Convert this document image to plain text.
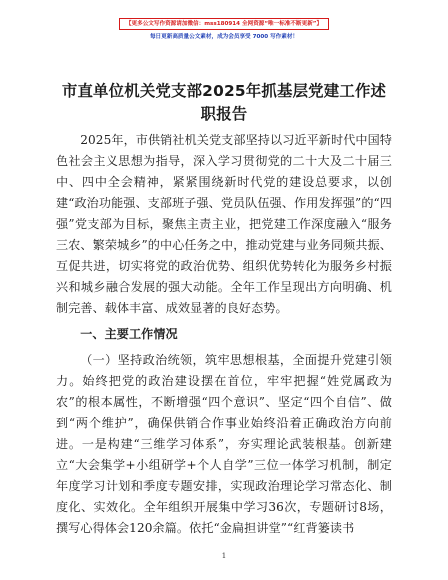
【更多公文写作资源请加微信：mss180914 全网资源“唯一标准不断更新”】
每日更新高质量公文素材，成为会员享受 7000 写作素材！
市直单位机关党支部2025年抓基层党建工作述职报告

2025年，市供销社机关党支部坚持以习近平新时代中国特色社会主义思想为指导，深入学习贯彻党的二十大及二十届三中、四中全会精神，紧紧围绕新时代党的建设总要求，以创建“政治功能强、支部班子强、党员队伍强、作用发挥强”的“四强”党支部为目标，聚焦主责主业，把党建工作深度融入“服务三农、繁荣城乡”的中心任务之中，推动党建与业务同频共振、互促共进，切实将党的政治优势、组织优势转化为服务乡村振兴和城乡融合发展的强大动能。全年工作呈现出方向明确、机制完善、载体丰富、成效显著的良好态势。

一、主要工作情况

（一）坚持政治统领，筑牢思想根基，全面提升党建引领力。始终把党的政治建设摆在首位，牢牢把握“姓党属政为农”的根本属性，不断增强“四个意识”、坚定“四个自信”、做到“两个维护”，确保供销合作事业始终沿着正确政治方向前进。一是构建“三维学习体系”，夯实理论武装根基。创新建立“大会集学+小组研学+个人自学”三位一体学习机制，制定年度学习计划和季度专题安排，实现政治理论学习常态化、制度化、实效化。全年组织开展集中学习36次，专题研讨8场，撰写心得体会120余篇。依托“金扁担讲堂”“红背篓读书

1
